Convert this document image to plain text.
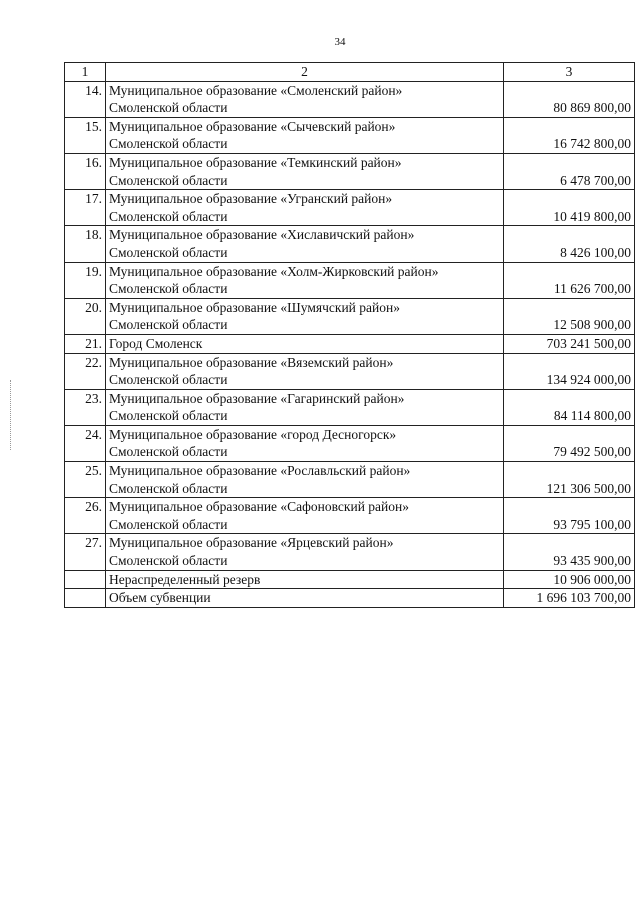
34
1	2	3
14.	Муниципальное образование «Смоленский район»
Смоленской области	80 869 800,00
15.	Муниципальное образование «Сычевский район»
Смоленской области	16 742 800,00
16.	Муниципальное образование «Темкинский район»
Смоленской области	6 478 700,00
17.	Муниципальное образование «Угранский район»
Смоленской области	10 419 800,00
18.	Муниципальное образование «Хиславичский район»
Смоленской области	8 426 100,00
19.	Муниципальное образование «Холм-Жирковский район»
Смоленской области	11 626 700,00
20.	Муниципальное образование «Шумячский район»
Смоленской области	12 508 900,00
21.	Город Смоленск	703 241 500,00
22.	Муниципальное образование «Вяземский район»
Смоленской области	134 924 000,00
23.	Муниципальное образование «Гагаринский район»
Смоленской области	84 114 800,00
24.	Муниципальное образование «город Десногорск»
Смоленской области	79 492 500,00
25.	Муниципальное образование «Рославльский район»
Смоленской области	121 306 500,00
26.	Муниципальное образование «Сафоновский район»
Смоленской области	93 795 100,00
27.	Муниципальное образование «Ярцевский район»
Смоленской области	93 435 900,00

	Нераспределенный резерв	10 906 000,00

	Объем субвенции	1 696 103 700,00
